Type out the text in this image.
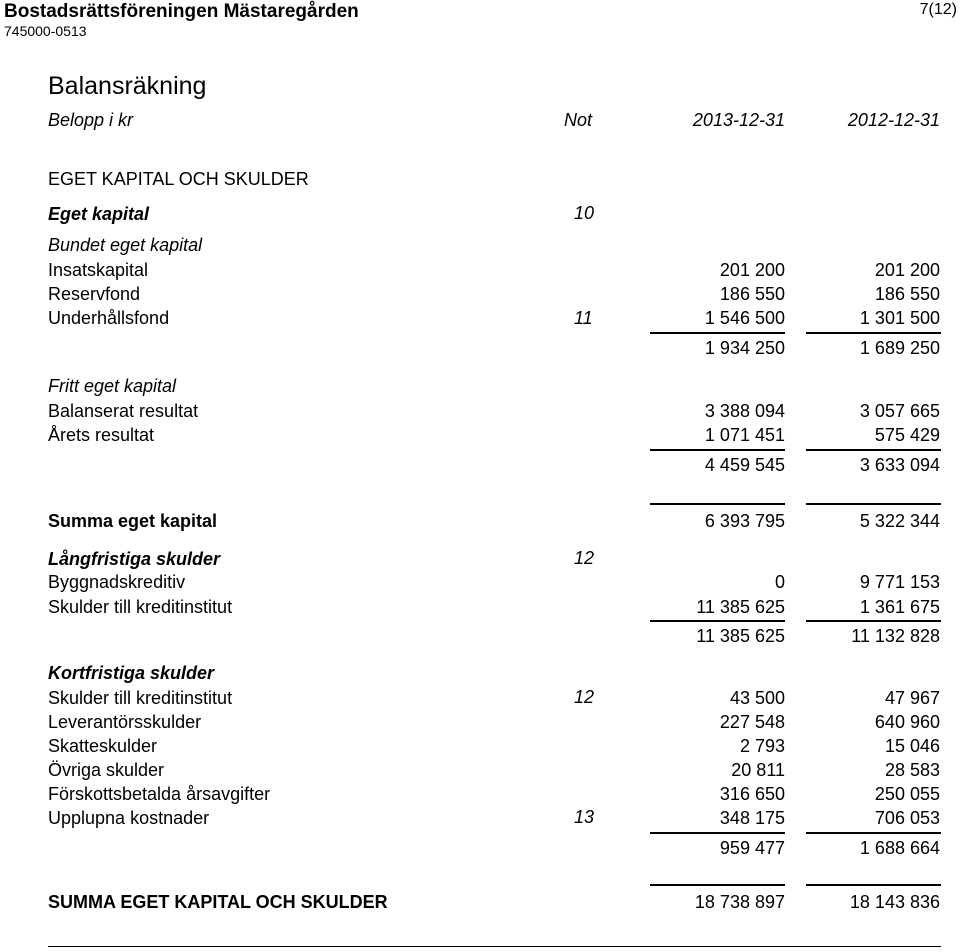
Bostadsrättsföreningen Mästaregården
745000-0513
7(12)
Balansräkning
Belopp i kr	Not	2013-12-31	2012-12-31
EGET KAPITAL OCH SKULDER
Eget kapital	10
Bundet eget kapital
Insatskapital	201 200	201 200
Reservfond	186 550	186 550
Underhållsfond	11	1 546 500	1 301 500
1 934 250	1 689 250
Fritt eget kapital
Balanserat resultat	3 388 094	3 057 665
Årets resultat	1 071 451	575 429
4 459 545	3 633 094
Summa eget kapital	6 393 795	5 322 344
Långfristiga skulder	12
Byggnadskreditiv	0	9 771 153
Skulder till kreditinstitut	11 385 625	1 361 675
11 385 625	11 132 828
Kortfristiga skulder
Skulder till kreditinstitut	12	43 500	47 967
Leverantörsskulder	227 548	640 960
Skatteskulder	2 793	15 046
Övriga skulder	20 811	28 583
Förskottsbetalda årsavgifter	316 650	250 055
Upplupna kostnader	13	348 175	706 053
959 477	1 688 664
SUMMA EGET KAPITAL OCH SKULDER	18 738 897	18 143 836
